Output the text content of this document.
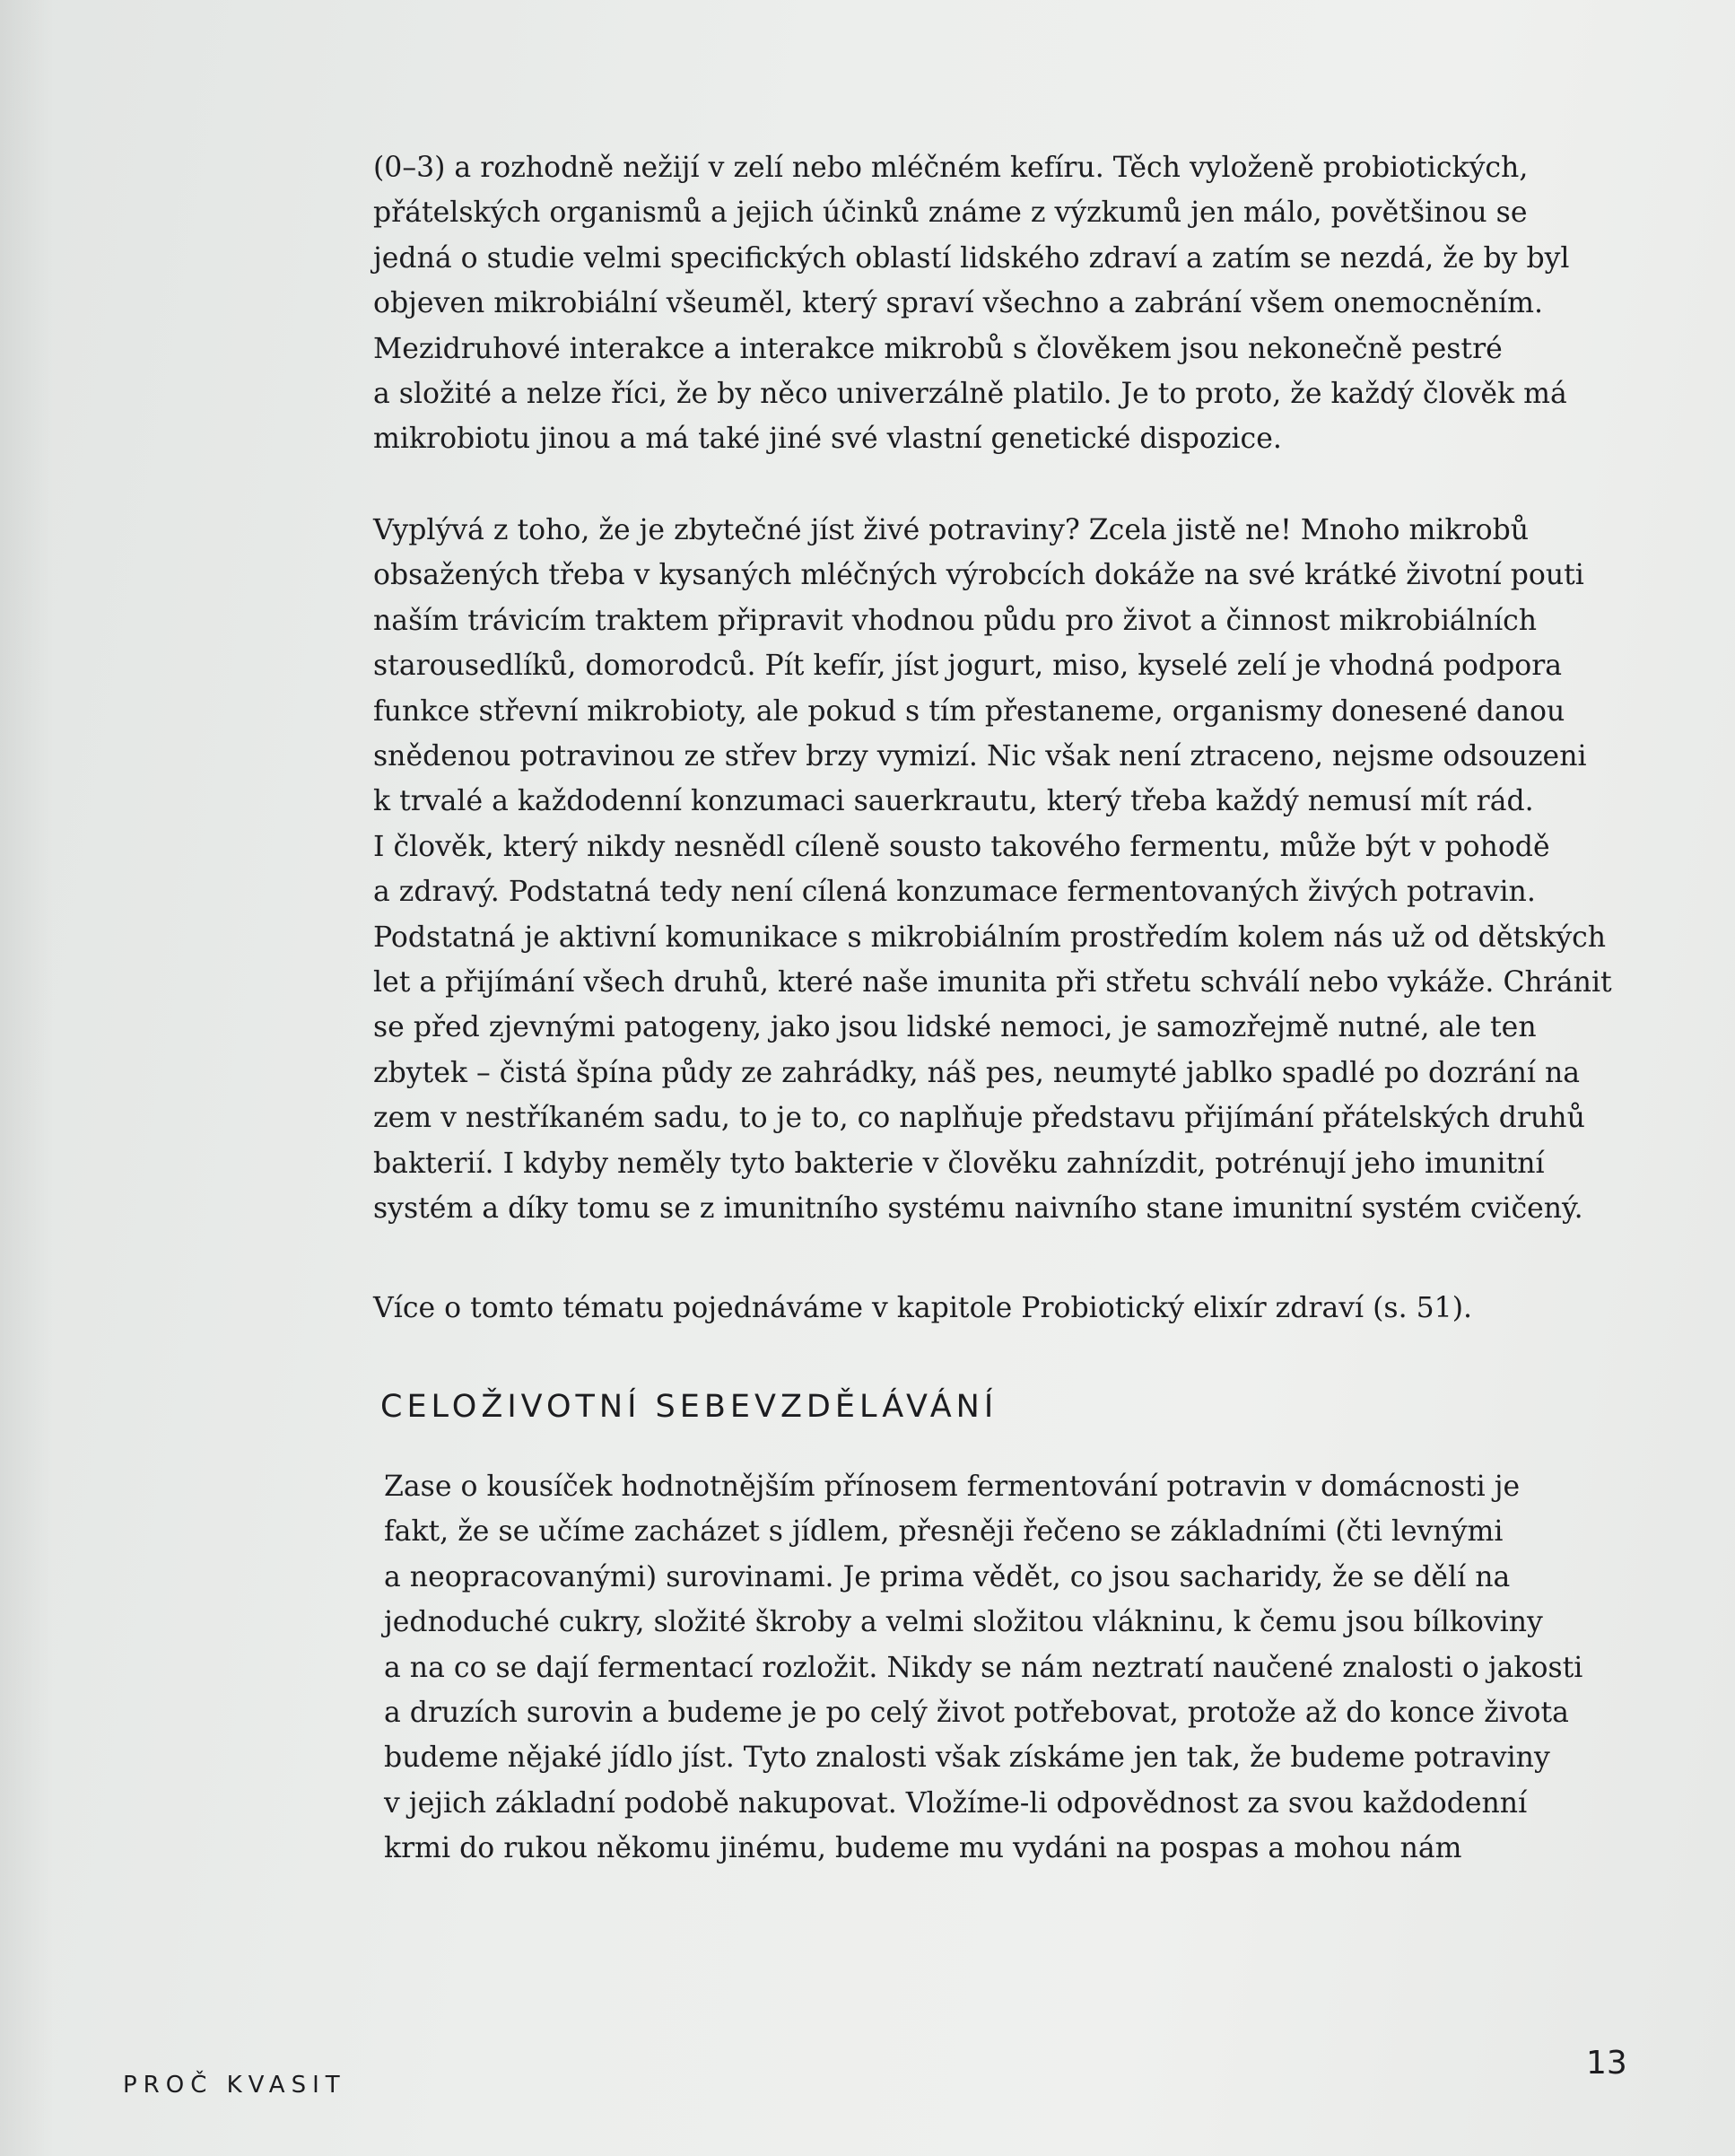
(0–3) a rozhodně nežijí v zelí nebo mléčném kefíru. Těch vyloženě probiotických,
přátelských organismů a jejich účinků známe z výzkumů jen málo, povětšinou se
jedná o studie velmi specifických oblastí lidského zdraví a zatím se nezdá, že by byl
objeven mikrobiální všeuměl, který spraví všechno a zabrání všem onemocněním.
Mezidruhové interakce a interakce mikrobů s člověkem jsou nekonečně pestré
a složité a nelze říci, že by něco univerzálně platilo. Je to proto, že každý člověk má
mikrobiotu jinou a má také jiné své vlastní genetické dispozice.

Vyplývá z toho, že je zbytečné jíst živé potraviny? Zcela jistě ne! Mnoho mikrobů
obsažených třeba v kysaných mléčných výrobcích dokáže na své krátké životní pouti
naším trávicím traktem připravit vhodnou půdu pro život a činnost mikrobiálních
starousedlíků, domorodců. Pít kefír, jíst jogurt, miso, kyselé zelí je vhodná podpora
funkce střevní mikrobioty, ale pokud s tím přestaneme, organismy donesené danou
snědenou potravinou ze střev brzy vymizí. Nic však není ztraceno, nejsme odsouzeni
k trvalé a každodenní konzumaci sauerkrautu, který třeba každý nemusí mít rád.
I člověk, který nikdy nesnědl cíleně sousto takového fermentu, může být v pohodě
a zdravý. Podstatná tedy není cílená konzumace fermentovaných živých potravin.
Podstatná je aktivní komunikace s mikrobiálním prostředím kolem nás už od dětských
let a přijímání všech druhů, které naše imunita při střetu schválí nebo vykáže. Chránit
se před zjevnými patogeny, jako jsou lidské nemoci, je samozřejmě nutné, ale ten
zbytek – čistá špína půdy ze zahrádky, náš pes, neumyté jablko spadlé po dozrání na
zem v nestříkaném sadu, to je to, co naplňuje představu přijímání přátelských druhů
bakterií. I kdyby neměly tyto bakterie v člověku zahnízdit, potrénují jeho imunitní
systém a díky tomu se z imunitního systému naivního stane imunitní systém cvičený.

Více o tomto tématu pojednáváme v kapitole Probiotický elixír zdraví (s. 51).

CELOŽIVOTNÍ SEBEVZDĚLÁVÁNÍ

Zase o kousíček hodnotnějším přínosem fermentování potravin v domácnosti je
fakt, že se učíme zacházet s jídlem, přesněji řečeno se základními (čti levnými
a neopracovanými) surovinami. Je prima vědět, co jsou sacharidy, že se dělí na
jednoduché cukry, složité škroby a velmi složitou vlákninu, k čemu jsou bílkoviny
a na co se dají fermentací rozložit. Nikdy se nám neztratí naučené znalosti o jakosti
a druzích surovin a budeme je po celý život potřebovat, protože až do konce života
budeme nějaké jídlo jíst. Tyto znalosti však získáme jen tak, že budeme potraviny
v jejich základní podobě nakupovat. Vložíme-li odpovědnost za svou každodenní
krmi do rukou někomu jinému, budeme mu vydáni na pospas a mohou nám

PROČ KVASIT
13
